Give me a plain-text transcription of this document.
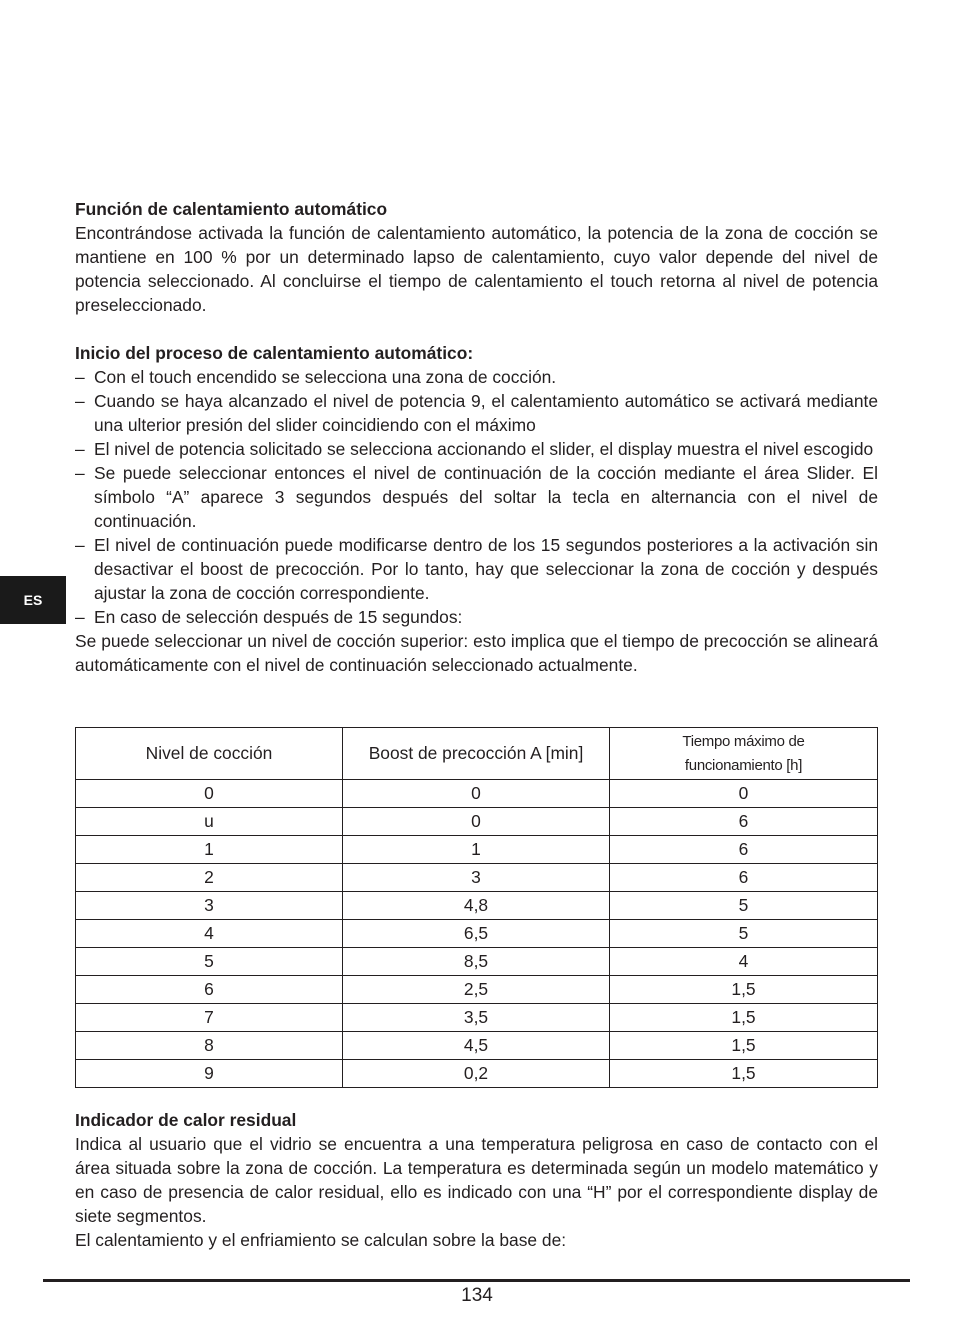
Función de calentamiento automático

Encontrándose activada la función de calentamiento automático, la potencia de la zona de cocción se mantiene en 100 % por un determinado lapso de calentamiento, cuyo valor depende del nivel de potencia seleccionado. Al concluirse el tiempo de calentamiento el touch retorna al nivel de potencia preseleccionado.

Inicio del proceso de calentamiento automático:

– Con el touch encendido se selecciona una zona de cocción.
– Cuando se haya alcanzado el nivel de potencia 9, el calentamiento automático se activará mediante una ulterior presión del slider coincidiendo con el máximo
– El nivel de potencia solicitado se selecciona accionando el slider, el display muestra el nivel escogido
– Se puede seleccionar entonces el nivel de continuación de la cocción mediante el área Slider. El símbolo “A” aparece 3 segundos después del soltar la tecla en alternancia con el nivel de continuación.
– El nivel de continuación puede modificarse dentro de los 15 segundos posteriores a la activación sin desactivar el boost de precocción. Por lo tanto, hay que seleccionar la zona de cocción y después ajustar la zona de cocción correspondiente.
– En caso de selección después de 15 segundos:

Se puede seleccionar un nivel de cocción superior: esto implica que el tiempo de precocción se alineará automáticamente con el nivel de continuación seleccionado actualmente.

ES
Nivel de cocción	Boost de precocción A [min]	Tiempo máximo de
funcionamiento [h]
0	0	0
u	0	6
1	1	6
2	3	6
3	4,8	5
4	6,5	5
5	8,5	4
6	2,5	1,5
7	3,5	1,5
8	4,5	1,5
9	0,2	1,5

Indicador de calor residual

Indica al usuario que el vidrio se encuentra a una temperatura peligrosa en caso de contacto con el área situada sobre la zona de cocción. La temperatura es determinada según un modelo matemático y en caso de presencia de calor residual, ello es indicado con una “H” por el correspondiente display de siete segmentos.

El calentamiento y el enfriamiento se calculan sobre la base de:

134
